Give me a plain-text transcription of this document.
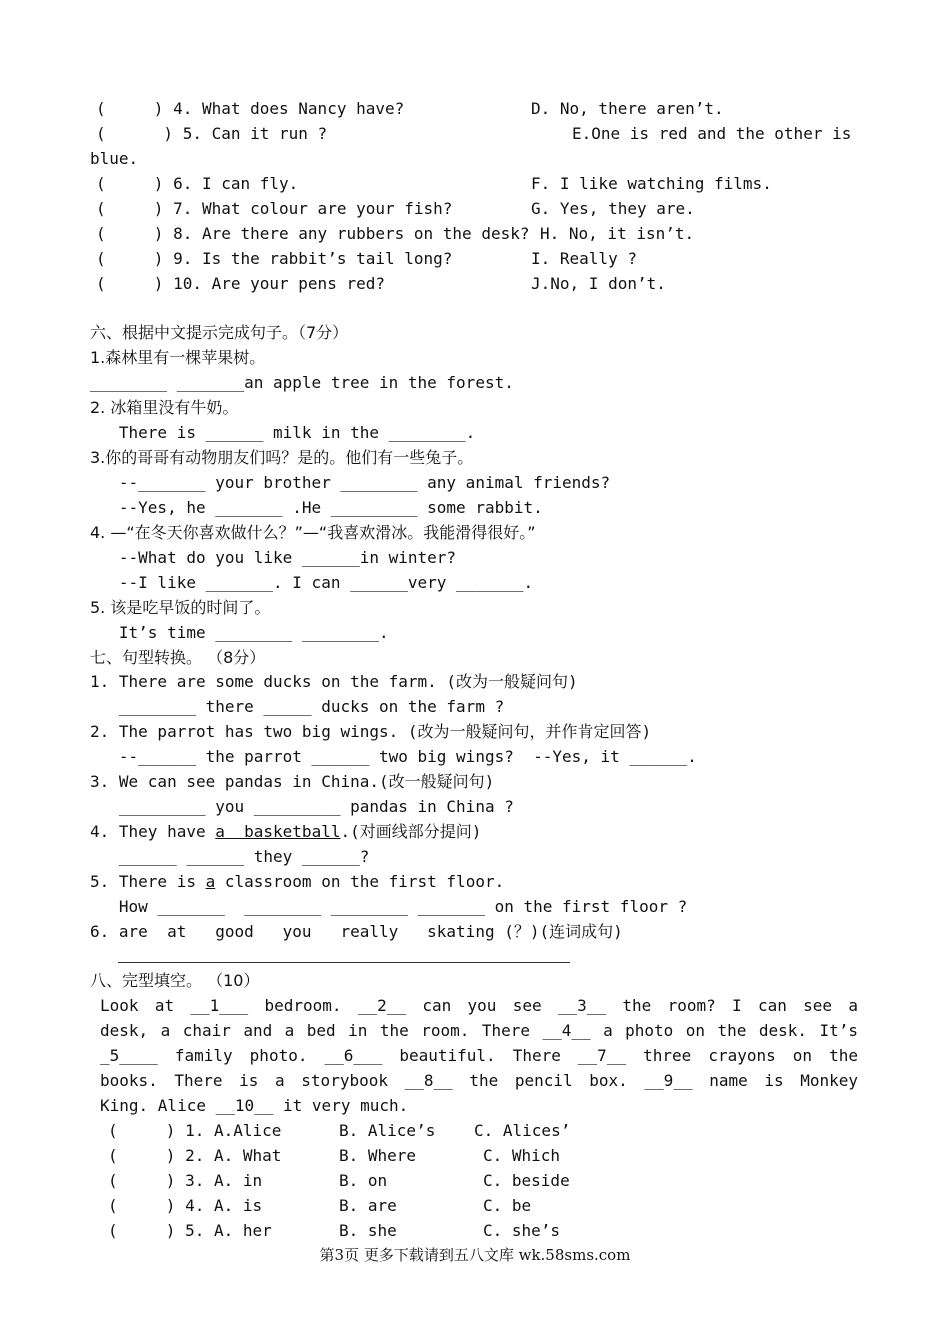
(     ) 4. What does Nancy have?	D. No, there aren’t.
(      ) 5. Can it run ?	E.One is red and the other is
blue.
(     ) 6. I can fly.	F. I like watching films.
(     ) 7. What colour are your fish?	G. Yes, they are.
(     ) 8. Are there any rubbers on the desk? H. No, it isn’t.
(     ) 9. Is the rabbit’s tail long?	I. Really ?
(     ) 10. Are your pens red?	J.No, I don’t.
六、根据中文提示完成句子。（7分）
1.森林里有一棵苹果树。
________ _______an apple tree in the forest.
2. 冰箱里没有牛奶。
There is ______ milk in the ________.
3.你的哥哥有动物朋友们吗？是的。他们有一些兔子。
--_______ your brother ________ any animal friends?
--Yes, he _______ .He _________ some rabbit.
4. —“在冬天你喜欢做什么？”—“我喜欢滑冰。我能滑得很好。”
--What do you like ______in winter?
--I like _______. I can ______very _______.
5. 该是吃早饭的时间了。
It’s time ________ ________.
七、句型转换。 （8分）
1. There are some ducks on the farm. (改为一般疑问句)
________ there _____ ducks on the farm ?
2. The parrot has two big wings. (改为一般疑问句，并作肯定回答)
--______ the parrot ______ two big wings?  --Yes, it ______.
3. We can see pandas in China.(改一般疑问句)
_________ you _________ pandas in China ?
4. They have a  basketball.(对画线部分提问)
______ ______ they ______?
5. There is a classroom on the first floor.
How _______  ________ ________ _______ on the first floor ?
6. are  at   good   you   really   skating (？)(连词成句)
八、完型填空。 （10）
Look at __1___ bedroom. __2__ can you see __3__ the room? I can see a
desk, a chair and a bed in the room. There __4__ a photo on the desk. It’s
_5____ family photo. __6___ beautiful. There __7__ three crayons on the
books. There is a storybook __8__ the pencil box. __9__ name is Monkey
King. Alice __10__ it very much.
(     ) 1. A.Alice	B. Alice’s C. Alices’
(     ) 2. A. What	B. Where	C. Which
(     ) 3. A. in	B. on	C. beside
(     ) 4. A. is	B. are	C. be
(     ) 5. A. her	B. she	C. she’s
第3页 更多下载请到五八文库 wk.58sms.com
